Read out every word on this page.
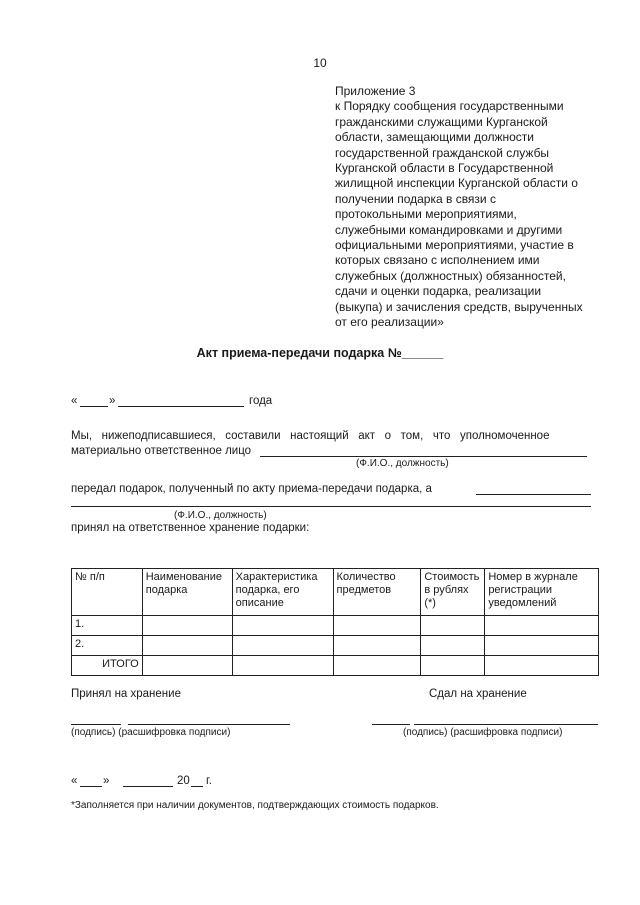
10

Приложение 3

к Порядку сообщения государственными

гражданскими служащими Курганской

области, замещающими должности

государственной гражданской службы

Курганской области в Государственной

жилищной инспекции Курганской области о

получении подарка в связи с

протокольными мероприятиями,

служебными командировками и другими

официальными мероприятиями, участие в

которых связано с исполнением ими

служебных (должностных) обязанностей,

сдачи и оценки подарка, реализации

(выкупа) и зачисления средств, вырученных

от его реализации»

Акт приема-передачи подарка №______
«	»	года
Мы,   нижеподписавшиеся,   составили   настоящий   акт   о   том,   что   уполномоченное
материально ответственное лицо
(Ф.И.О., должность)
передал подарок, полученный по акту приема-передачи подарка, а
(Ф.И.О., должность)
принял на ответственное хранение подарки:
№ п/п	Наименование подарка	Характеристика подарка, его описание	Количество предметов	Стоимость в рублях (*)	Номер в журнале регистрации уведомлений
1.					
2.					
ИТОГО					
Принял на хранение	Сдал на хранение
(подпись) (расшифровка подписи)	(подпись) (расшифровка подписи)
« »	20 г.
*Заполняется при наличии документов, подтверждающих стоимость подарков.
